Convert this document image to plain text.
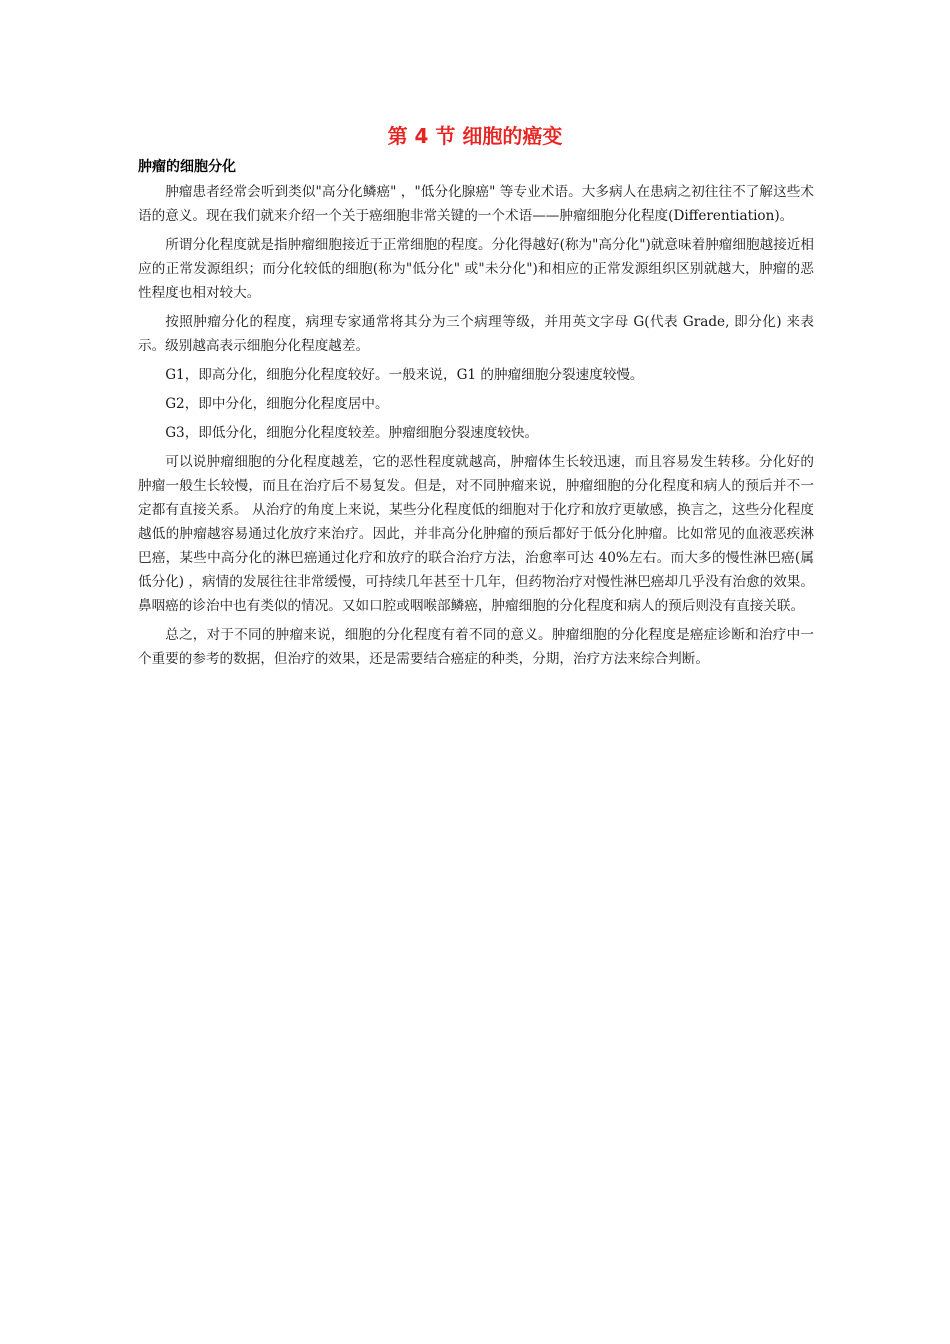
第 4 节 细胞的癌变
肿瘤的细胞分化

肿瘤患者经常会听到类似"高分化鳞癌" ，"低分化腺癌" 等专业术语。大多病人在患病之初往往不了解这些术语的意义。现在我们就来介绍一个关于癌细胞非常关键的一个术语——肿瘤细胞分化程度(Differentiation)。

所谓分化程度就是指肿瘤细胞接近于正常细胞的程度。分化得越好(称为"高分化")就意味着肿瘤细胞越接近相应的正常发源组织；而分化较低的细胞(称为"低分化" 或"未分化")和相应的正常发源组织区别就越大，肿瘤的恶性程度也相对较大。

按照肿瘤分化的程度，病理专家通常将其分为三个病理等级，并用英文字母 G(代表 Grade, 即分化) 来表示。级别越高表示细胞分化程度越差。

G1，即高分化，细胞分化程度较好。一般来说，G1 的肿瘤细胞分裂速度较慢。

G2，即中分化，细胞分化程度居中。

G3，即低分化，细胞分化程度较差。肿瘤细胞分裂速度较快。

可以说肿瘤细胞的分化程度越差，它的恶性程度就越高，肿瘤体生长较迅速，而且容易发生转移。分化好的肿瘤一般生长较慢，而且在治疗后不易复发。但是，对不同肿瘤来说，肿瘤细胞的分化程度和病人的预后并不一定都有直接关系。 从治疗的角度上来说，某些分化程度低的细胞对于化疗和放疗更敏感，换言之，这些分化程度越低的肿瘤越容易通过化放疗来治疗。因此，并非高分化肿瘤的预后都好于低分化肿瘤。比如常见的血液恶疾淋巴癌，某些中高分化的淋巴癌通过化疗和放疗的联合治疗方法，治愈率可达 40%左右。而大多的慢性淋巴癌(属低分化) ，病情的发展往往非常缓慢，可持续几年甚至十几年，但药物治疗对慢性淋巴癌却几乎没有治愈的效果。鼻咽癌的诊治中也有类似的情况。又如口腔或咽喉部鳞癌，肿瘤细胞的分化程度和病人的预后则没有直接关联。

总之，对于不同的肿瘤来说，细胞的分化程度有着不同的意义。肿瘤细胞的分化程度是癌症诊断和治疗中一个重要的参考的数据，但治疗的效果，还是需要结合癌症的种类，分期，治疗方法来综合判断。
